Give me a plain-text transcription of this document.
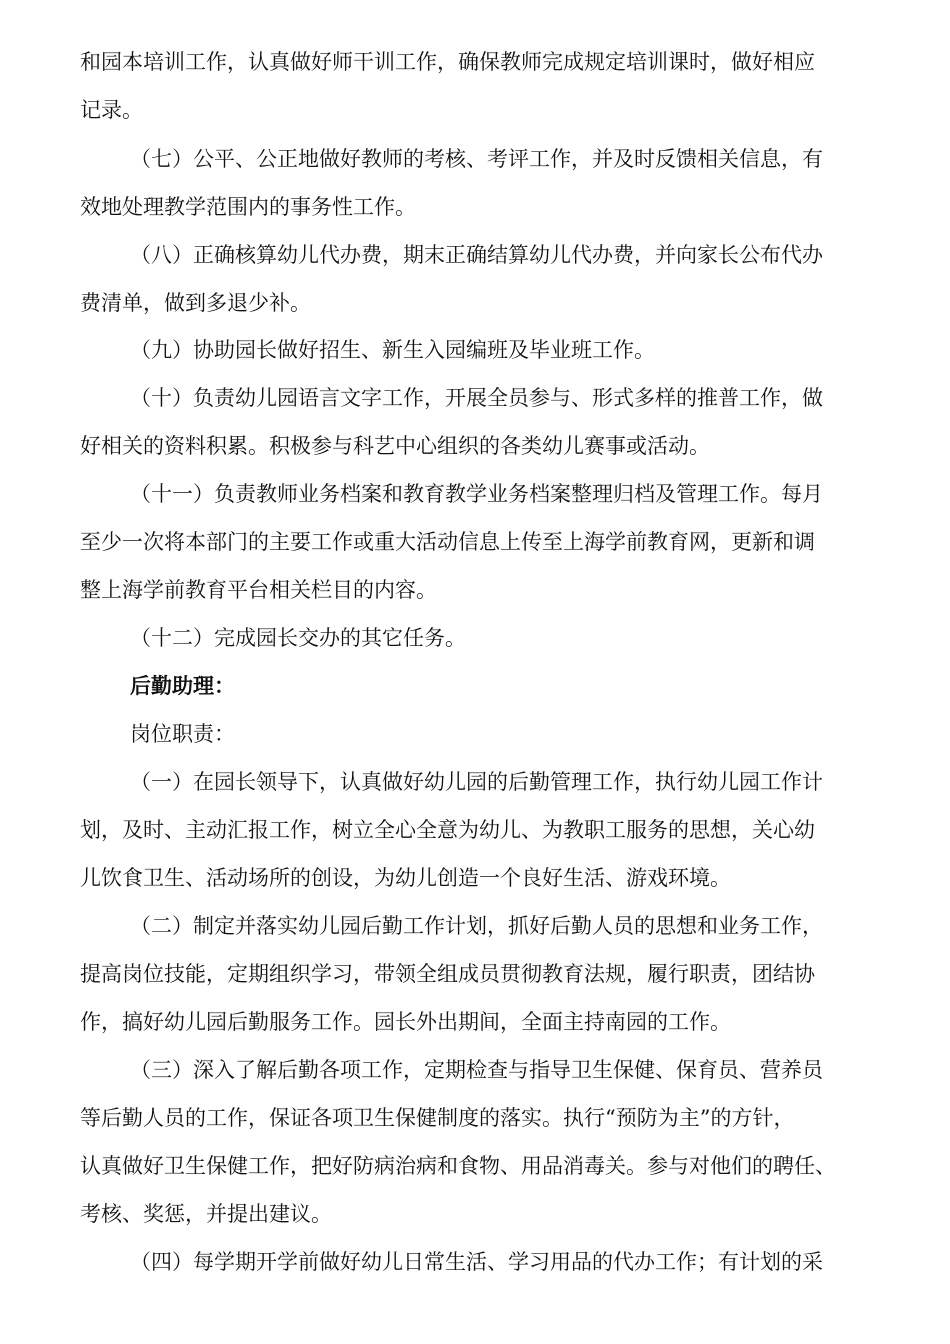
和园本培训工作，认真做好师干训工作，确保教师完成规定培训课时，做好相应
记录。
（七）公平、公正地做好教师的考核、考评工作，并及时反馈相关信息，有
效地处理教学范围内的事务性工作。
（八）正确核算幼儿代办费，期末正确结算幼儿代办费，并向家长公布代办
费清单，做到多退少补。
（九）协助园长做好招生、新生入园编班及毕业班工作。
（十）负责幼儿园语言文字工作，开展全员参与、形式多样的推普工作，做
好相关的资料积累。积极参与科艺中心组织的各类幼儿赛事或活动。
（十一）负责教师业务档案和教育教学业务档案整理归档及管理工作。每月
至少一次将本部门的主要工作或重大活动信息上传至上海学前教育网，更新和调
整上海学前教育平台相关栏目的内容。
（十二）完成园长交办的其它任务。
后勤助理：
岗位职责：
（一）在园长领导下，认真做好幼儿园的后勤管理工作，执行幼儿园工作计
划，及时、主动汇报工作，树立全心全意为幼儿、为教职工服务的思想，关心幼
儿饮食卫生、活动场所的创设，为幼儿创造一个良好生活、游戏环境。
（二）制定并落实幼儿园后勤工作计划，抓好后勤人员的思想和业务工作，
提高岗位技能，定期组织学习，带领全组成员贯彻教育法规，履行职责，团结协
作，搞好幼儿园后勤服务工作。园长外出期间，全面主持南园的工作。
（三）深入了解后勤各项工作，定期检查与指导卫生保健、保育员、营养员
等后勤人员的工作，保证各项卫生保健制度的落实。执行“预防为主”的方针，
认真做好卫生保健工作，把好防病治病和食物、用品消毒关。参与对他们的聘任、
考核、奖惩，并提出建议。
（四）每学期开学前做好幼儿日常生活、学习用品的代办工作；有计划的采
